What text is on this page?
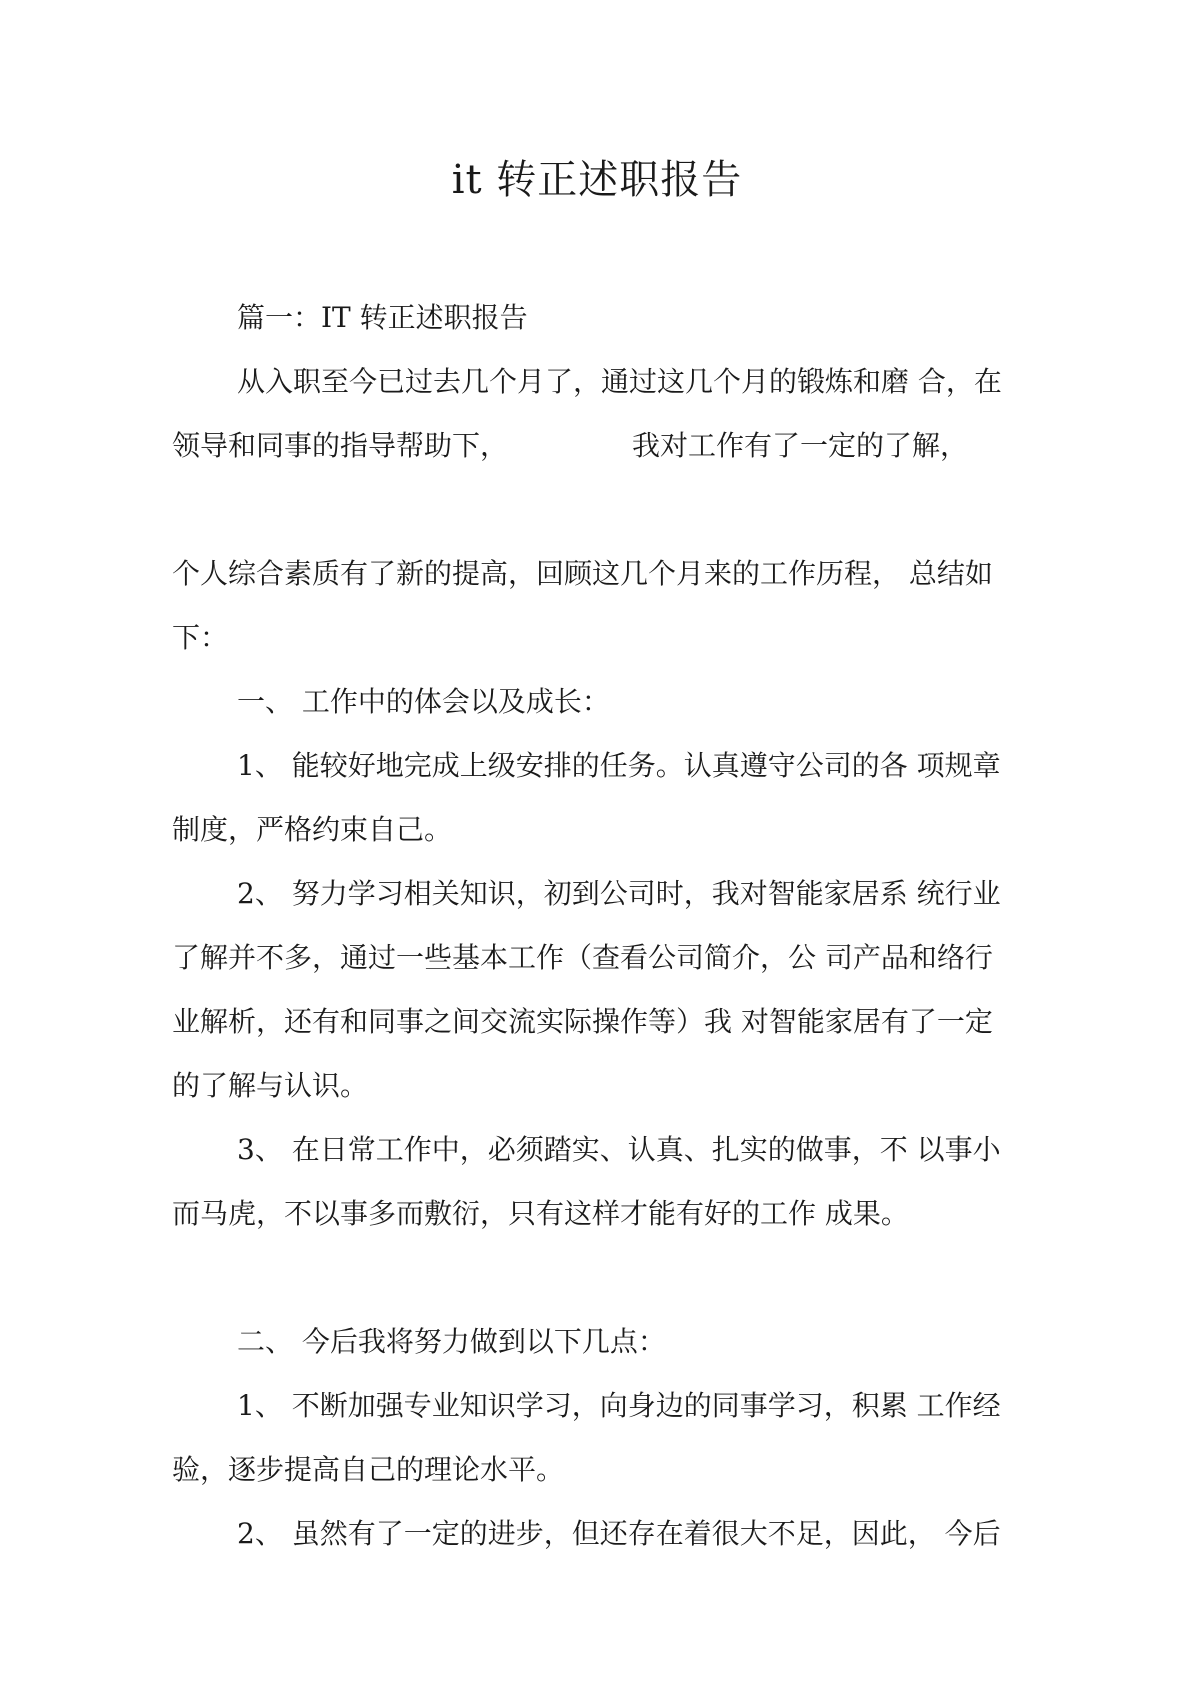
it 转正述职报告

篇一：IT 转正述职报告

从入职至今已过去几个月了，通过这几个月的锻炼和磨 合，在

领导和同事的指导帮助下，	我对工作有了一定的了解，

个人综合素质有了新的提高，回顾这几个月来的工作历程， 总结如

下：

一、 工作中的体会以及成长：

1、 能较好地完成上级安排的任务。认真遵守公司的各 项规章

制度，严格约束自己。

2、 努力学习相关知识，初到公司时，我对智能家居系 统行业

了解并不多，通过一些基本工作（查看公司简介，公 司产品和络行

业解析，还有和同事之间交流实际操作等）我 对智能家居有了一定

的了解与认识。

3、 在日常工作中，必须踏实、认真、扎实的做事，不 以事小

而马虎，不以事多而敷衍，只有这样才能有好的工作 成果。

二、 今后我将努力做到以下几点：

1、 不断加强专业知识学习，向身边的同事学习，积累 工作经

验，逐步提高自己的理论水平。

2、 虽然有了一定的进步，但还存在着很大不足，因此， 今后
